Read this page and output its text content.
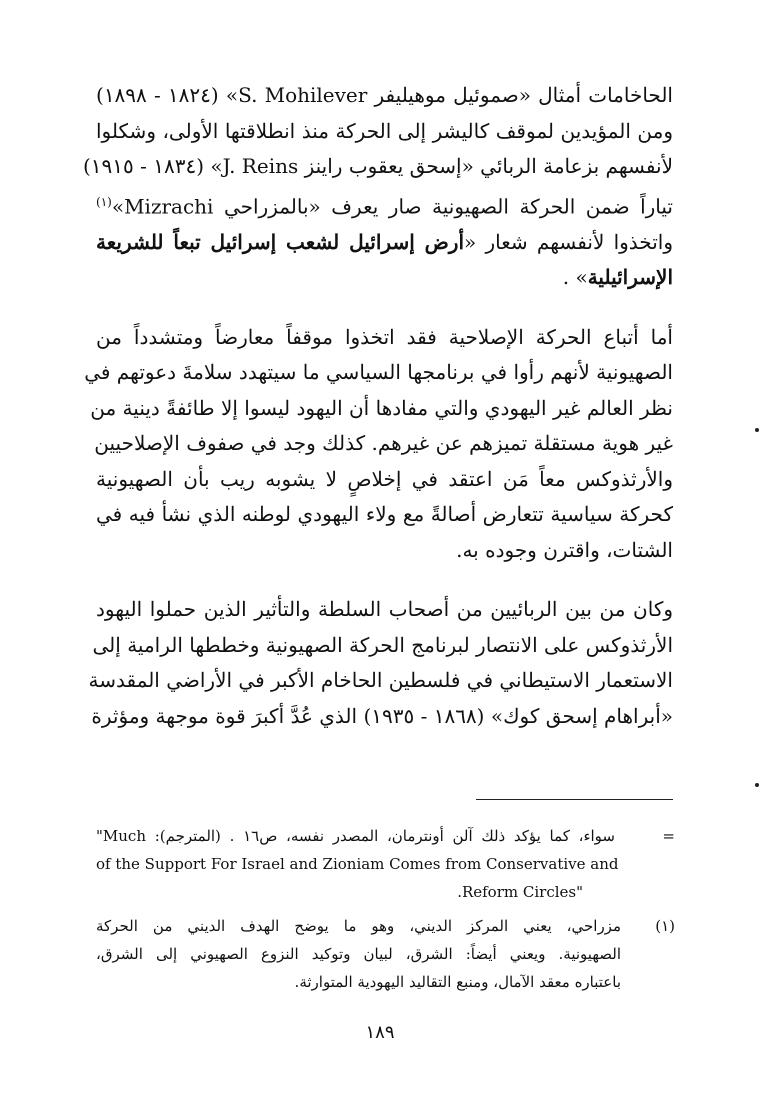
الحاخامات أمثال «صموئيل موهيليفر S. Mohilever» (١٨٢٤ - ١٨٩٨)
ومن المؤيدين لموقف كاليشر إلى الحركة منذ انطلاقتها الأولى، وشكلوا
لأنفسهم بزعامة الربائي «إسحق يعقوب راينز J. Reins» (١٨٣٤ - ١٩١٥)
تياراً ضمن الحركة الصهيونية صار يعرف «بالمزراحي Mizrachi»$^{(١)}$
واتخذوا لأنفسهم شعار «أرض إسرائيل لشعب إسرائيل تبعاً للشريعة
الإسرائيلية» .

أما أتباع الحركة الإصلاحية فقد اتخذوا موقفاً معارضاً ومتشدداً من
الصهيونية لأنهم رأوا في برنامجها السياسي ما سيتهدد سلامةَ دعوتهم في
نظر العالم غير اليهودي والتي مفادها أن اليهود ليسوا إلا طائفةً دينية من
غير هوية مستقلة تميزهم عن غيرهم. كذلك وجد في صفوف الإصلاحيين
والأرثذوكس معاً مَن اعتقد في إخلاصٍ لا يشوبه ريب بأن الصهيونية
كحركة سياسية تتعارض أصالةً مع ولاء اليهودي لوطنه الذي نشأ فيه في
الشتات، واقترن وجوده به.

وكان من بين الربائيين من أصحاب السلطة والتأثير الذين حملوا اليهود
الأرثذوكس على الانتصار لبرنامج الحركة الصهيونية وخططها الرامية إلى
الاستعمار الاستيطاني في فلسطين الحاخام الأكبر في الأراضي المقدسة
«أبراهام إسحق كوك» (١٨٦٨ - ١٩٣٥) الذي عُدَّ أكبرَ قوة موجهة ومؤثرة

=
سواء، كما يؤكد ذلك آلن أونترمان، المصدر نفسه، ص١٦ . (المترجم): "Much
of the Support For Israel and Zioniam Comes from Conservative and
.Reform Circles"
(١)
مزراحي، يعني المركز الديني، وهو ما يوضح الهدف الديني من الحركة
الصهيونية. ويعني أيضاً: الشرق، لبيان وتوكيد النزوع الصهيوني إلى الشرق،
باعتباره معقد الآمال، ومنبع التقاليد اليهودية المتوارثة.
١٨٩
